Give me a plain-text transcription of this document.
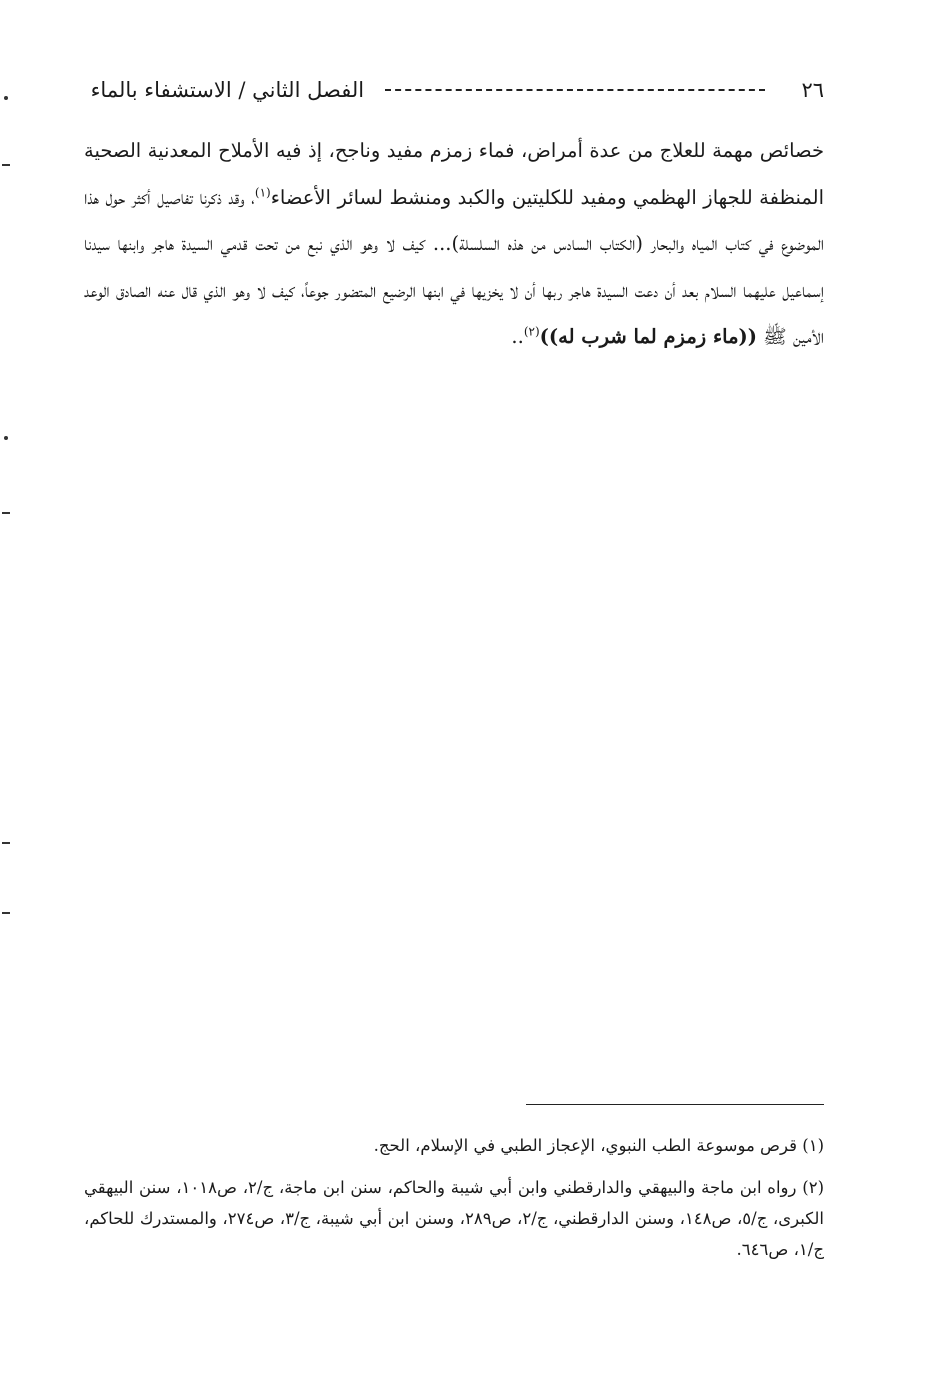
٢٦  الفصل الثاني / الاستشفاء بالماء
خصائص مهمة للعلاج من عدة أمراض، فماء زمزم مفيد وناجح، إذ فيه الأملاح المعدنية الصحية المنظفة للجهاز الهظمي ومفيد للكليتين والكبد ومنشط لسائر الأعضاء$^{(١)}$، وقد ذكرنا تفاصيل أكثر حول هذا الموضوع في كتاب المياه والبحار (الكتاب السادس من هذه السلسلة)... كيف لا وهو الذي نبع من تحت قدمي السيدة هاجر وابنها سيدنا إسماعيل عليهما السلام بعد أن دعت السيدة هاجر ربها أن لا يخزيها في ابنها الرضيع المتضور جوعاً، كيف لا وهو الذي قال عنه الصادق الوعد الأمين ﷺ ((ماء زمزم لما شرب له))$^{(٢)}$..
(١) قرص موسوعة الطب النبوي، الإعجاز الطبي في الإسلام، الحج.
(٢) رواه ابن ماجة والبيهقي والدارقطني وابن أبي شيبة والحاكم، سنن ابن ماجة، ج/٢، ص١٠١٨، سنن البيهقي الكبرى، ج/٥، ص١٤٨، وسنن الدارقطني، ج/٢، ص٢٨٩، وسنن ابن أبي شيبة، ج/٣، ص٢٧٤، والمستدرك للحاكم، ج/١، ص٦٤٦.
